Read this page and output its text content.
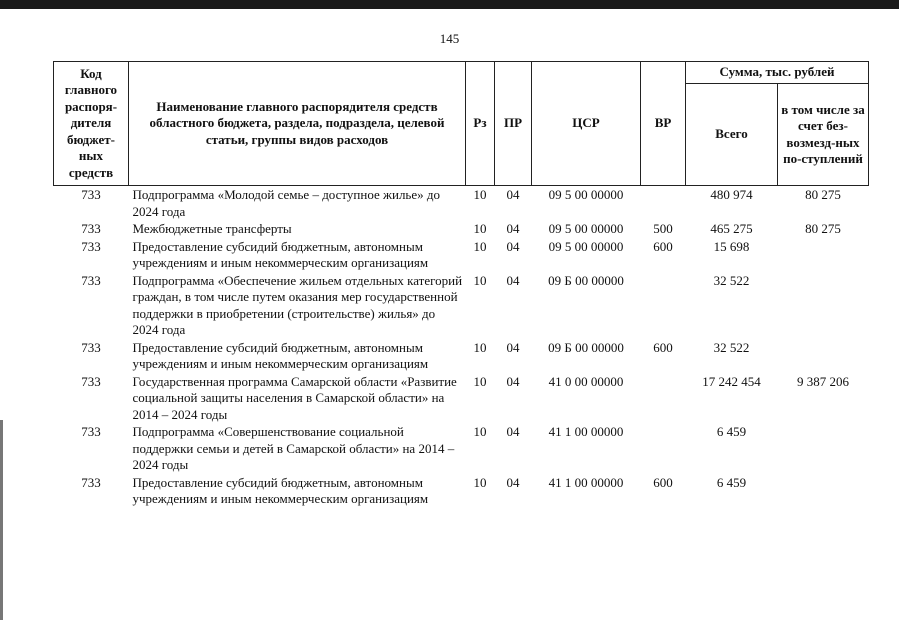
145
Код главного распоря-дителя бюджет-ных средств	Наименование главного распорядителя средств областного бюджета, раздела, подраздела, целевой статьи, группы видов расходов	Рз	ПР	ЦСР	ВР	Сумма, тыс. рублей	
						Всего	в том числе за счет без-возмезд-ных по-ступлений
733	Подпрограмма «Молодой семье – доступное жилье» до 2024 года	10	04	09 5 00 00000		480 974	80 275
733	Межбюджетные трансферты	10	04	09 5 00 00000	500	465 275	80 275
733	Предоставление субсидий бюджетным, автономным учреждениям и иным некоммерческим организациям	10	04	09 5 00 00000	600	15 698	
733	Подпрограмма «Обеспечение жильем отдельных категорий граждан, в том числе путем оказания мер государственной поддержки в приобретении (строительстве) жилья» до 2024 года	10	04	09 Б 00 00000		32 522	
733	Предоставление субсидий бюджетным, автономным учреждениям и иным некоммерческим организациям	10	04	09 Б 00 00000	600	32 522	
733	Государственная программа Самарской области «Развитие социальной защиты населения в Самарской области» на 2014 – 2024 годы	10	04	41 0 00 00000		17 242 454	9 387 206
733	Подпрограмма «Совершенствование социальной поддержки семьи и детей в Самарской области» на 2014 – 2024 годы	10	04	41 1 00 00000		6 459	
733	Предоставление субсидий бюджетным, автономным учреждениям и иным некоммерческим организациям	10	04	41 1 00 00000	600	6 459	
